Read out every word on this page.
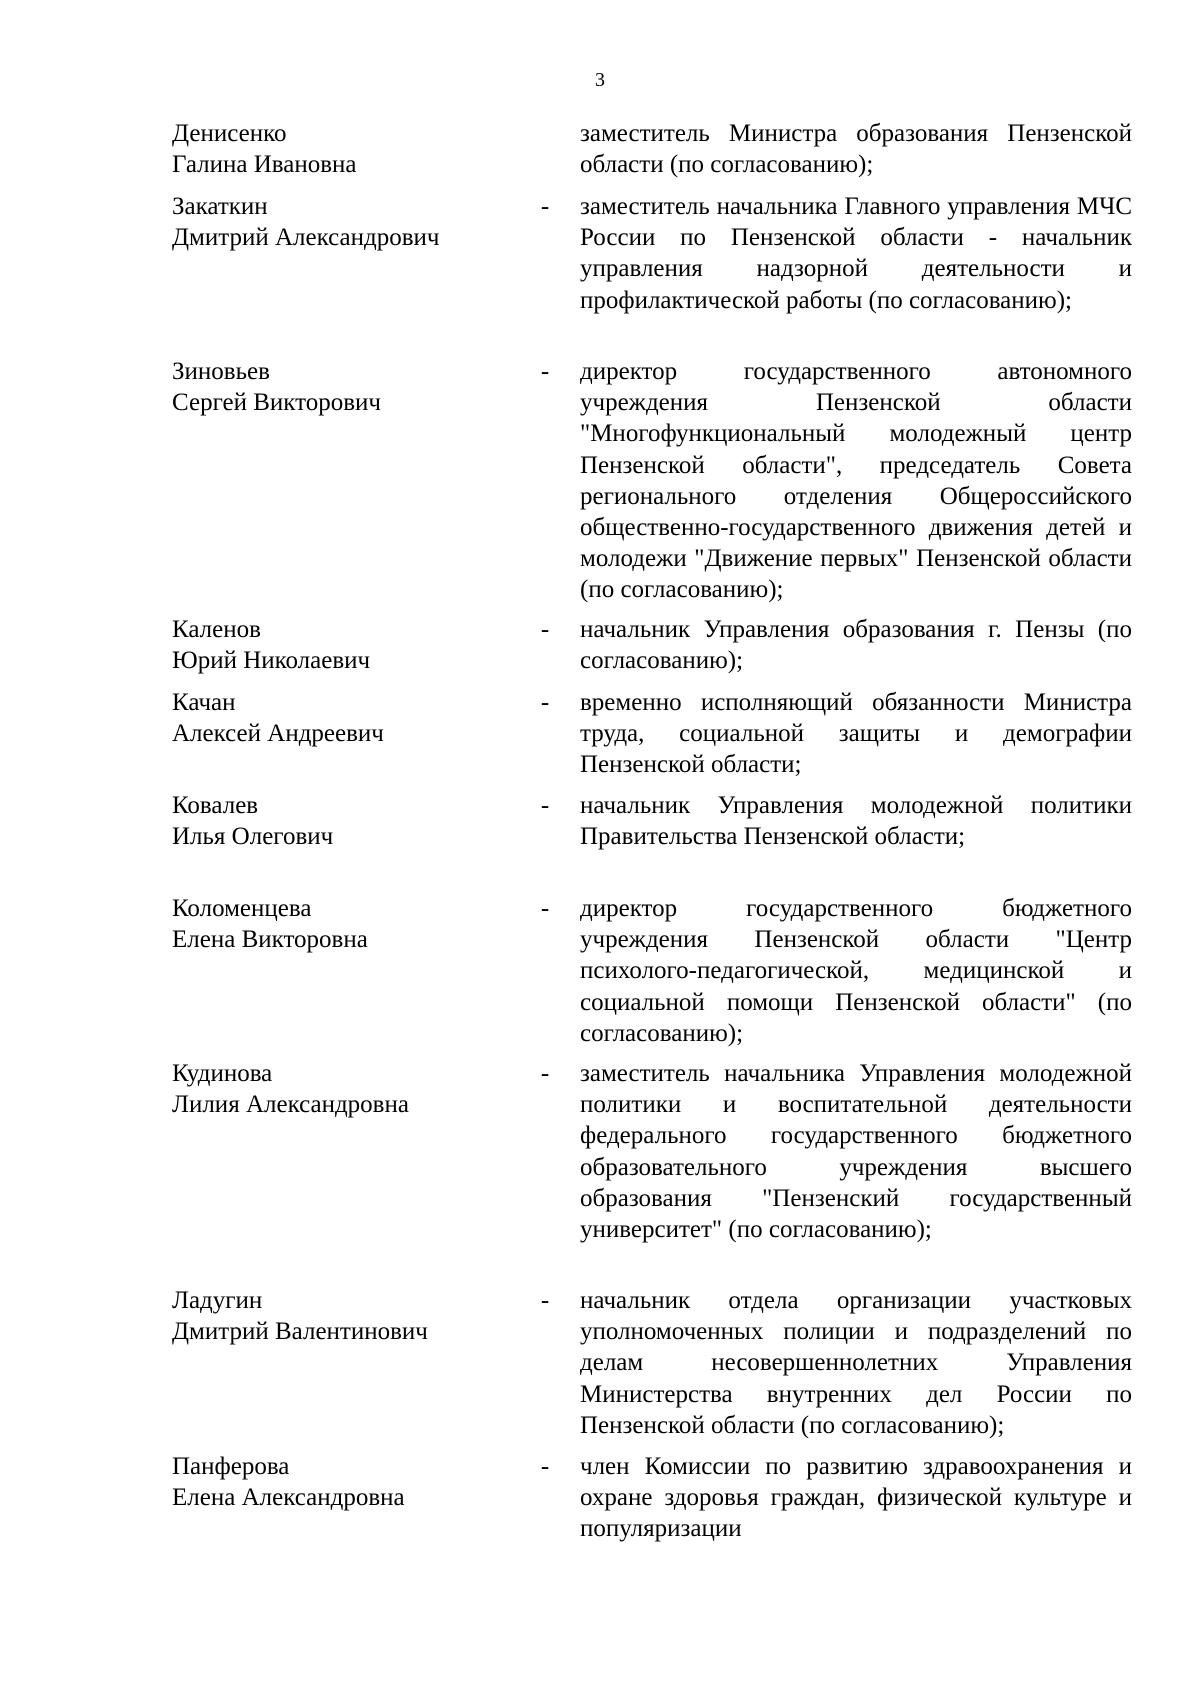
3
Денисенко
Галина Ивановна
заместитель Министра образования Пензенской области (по согласованию);
Закаткин
Дмитрий Александрович
- заместитель начальника Главного управления МЧС России по Пензенской области - начальник управления надзорной деятельности и профилактической работы (по согласованию);
Зиновьев
Сергей Викторович
- директор государственного автономного учреждения Пензенской области "Многофункциональный молодежный центр Пензенской области", председатель Совета регионального отделения Общероссийского общественно-государственного движения детей и молодежи "Движение первых" Пензенской области (по согласованию);
Каленов
Юрий Николаевич
- начальник Управления образования г. Пензы (по согласованию);
Качан
Алексей Андреевич
- временно исполняющий обязанности Министра труда, социальной защиты и демографии Пензенской области;
Ковалев
Илья Олегович
- начальник Управления молодежной политики Правительства Пензенской области;
Коломенцева
Елена Викторовна
- директор государственного бюджетного учреждения Пензенской области "Центр психолого-педагогической, медицинской и социальной помощи Пензенской области" (по согласованию);
Кудинова
Лилия Александровна
- заместитель начальника Управления молодежной политики и воспитательной деятельности федерального государственного бюджетного образовательного учреждения высшего образования "Пензенский государственный университет" (по согласованию);
Ладугин
Дмитрий Валентинович
- начальник отдела организации участковых уполномоченных полиции и подразделений по делам несовершеннолетних Управления Министерства внутренних дел России по Пензенской области (по согласованию);
Панферова
Елена Александровна
- член Комиссии по развитию здравоохранения и охране здоровья граждан, физической культуре и популяризации
